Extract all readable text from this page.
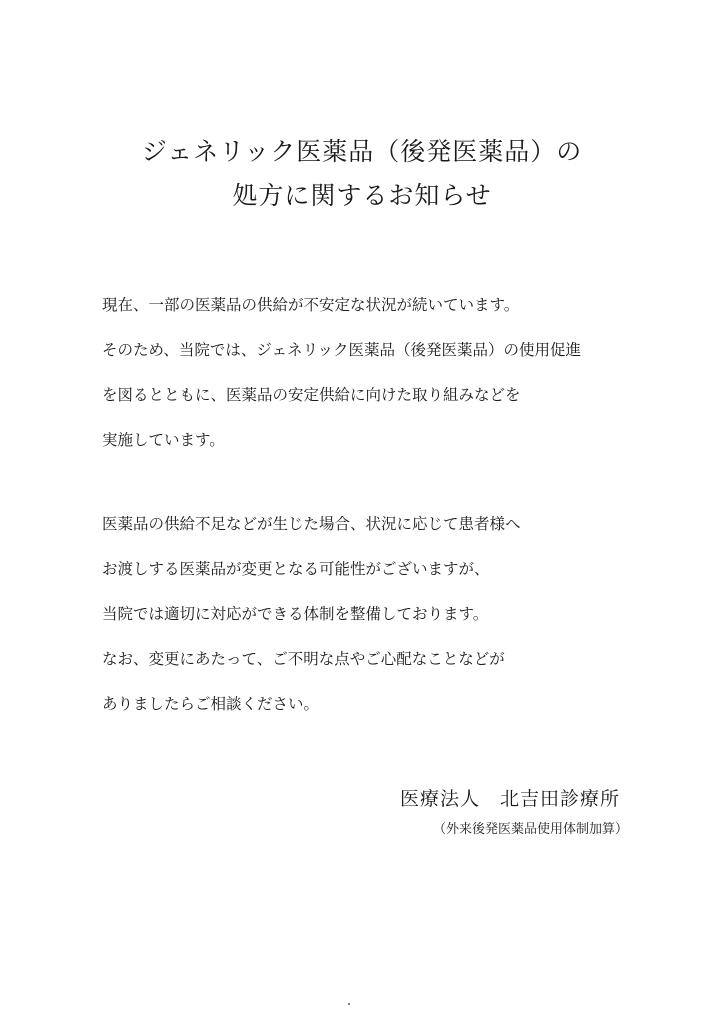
ジェネリック医薬品（後発医薬品）の
処方に関するお知らせ
現在、一部の医薬品の供給が不安定な状況が続いています。
そのため、当院では、ジェネリック医薬品（後発医薬品）の使用促進
を図るとともに、医薬品の安定供給に向けた取り組みなどを
実施しています。
医薬品の供給不足などが生じた場合、状況に応じて患者様へ
お渡しする医薬品が変更となる可能性がございますが、
当院では適切に対応ができる体制を整備しております。
なお、変更にあたって、ご不明な点やご心配なことなどが
ありましたらご相談ください。
医療法人　北吉田診療所
（外来後発医薬品使用体制加算）
